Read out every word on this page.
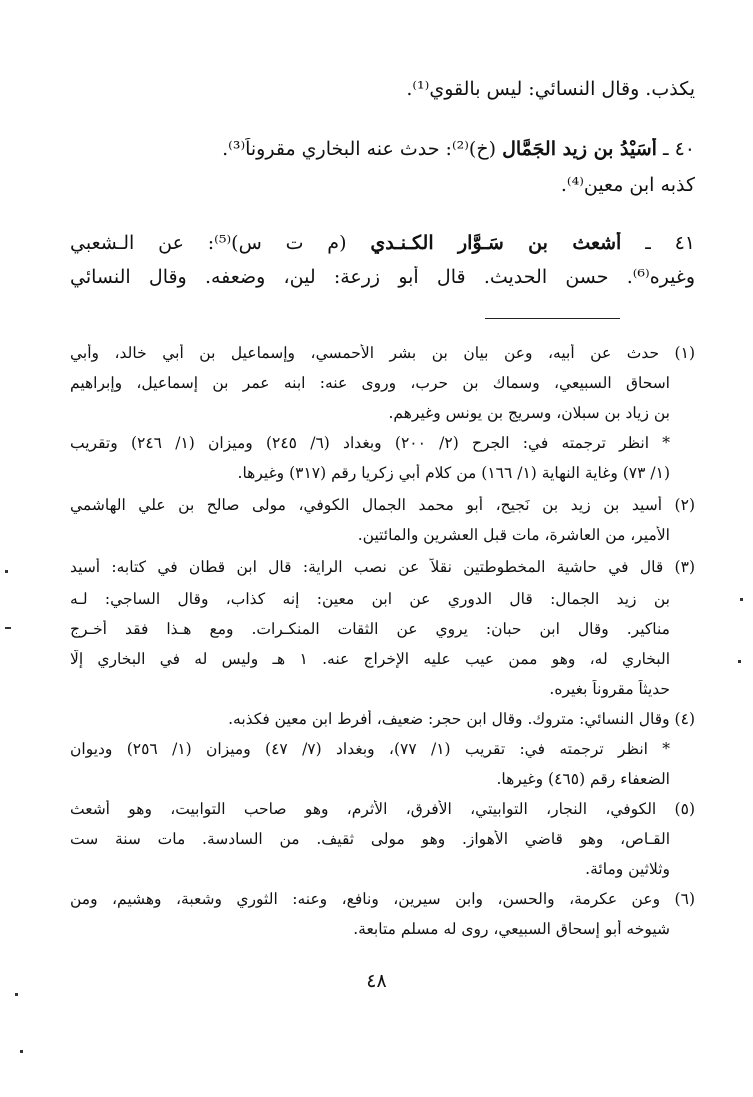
يكذب. وقال النسائي: ليس بالقوي⁽¹⁾.
٤٠ ـ أُسَيْدُ بن زيد الجَمَّال (خ)⁽²⁾: حدث عنه البخاري مقروناً⁽³⁾.
كذبه ابن معين⁽⁴⁾.
٤١ ـ أشعث بن سَـوَّار الكـنـدي (م ت س)⁽⁵⁾: عن الـشعبي
وغيره⁽⁶⁾. حسن الحديث. قال أبو زرعة: لين، وضعفه. وقال النسائي
(١) حدث عن أبيه، وعن بيان بن بشر الأحمسي، وإسماعيل بن أبي خالد، وأبي
اسحاق السبيعي، وسماك بن حرب، وروى عنه: ابنه عمر بن إسماعيل، وإبراهيم
بن زياد بن سبلان، وسريج بن يونس وغيرهم.
* انظر ترجمته في: الجرح (٢/ ٢٠٠) وبغداد (٦/ ٢٤٥) وميزان (١/ ٢٤٦) وتقريب
(١/ ٧٣) وغاية النهاية (١/ ١٦٦) من كلام أبي زكريا رقم (٣١٧) وغيرها.
(٢) أسيد بن زيد بن نَجيح، أبو محمد الجمال الكوفي، مولى صالح بن علي الهاشمي
الأمير، من العاشرة، مات قبل العشرين والمائتين.
(٣) قال في حاشية المخطوطتين نقلاً عن نصب الراية: قال ابن قطان في كتابه: أسيد
بن زيد الجمال: قال الدوري عن ابن معين: إنه كذاب، وقال الساجي: لـه
مناكير. وقال ابن حبان: يروي عن الثقات المنكـرات. ومع هـذا فقد أخـرج
البخاري له، وهو ممن عيب عليه الإخراج عنه. ١ هـ وليس له في البخاري إلّا
حديثاً مقروناً بغيره.
(٤) وقال النسائي: متروك. وقال ابن حجر: ضعيف، أفرط ابن معين فكذبه.
* انظر ترجمته في: تقريب (١/ ٧٧)، وبغداد (٧/ ٤٧) وميزان (١/ ٢٥٦) وديوان
الضعفاء رقم (٤٦٥) وغيرها.
(٥) الكوفي، النجار، التوابيتي، الأفرق، الأثرم، وهو صاحب التوابيت، وهو أشعث
القـاص، وهو قاضي الأهواز. وهو مولى ثقيف. من السادسة. مات سنة ست
وثلاثين ومائة.
(٦) وعن عكرمة، والحسن، وابن سيرين، ونافع، وعنه: الثوري وشعبة، وهشيم، ومن
شيوخه أبو إسحاق السبيعي، روى له مسلم متابعة.
٤٨
